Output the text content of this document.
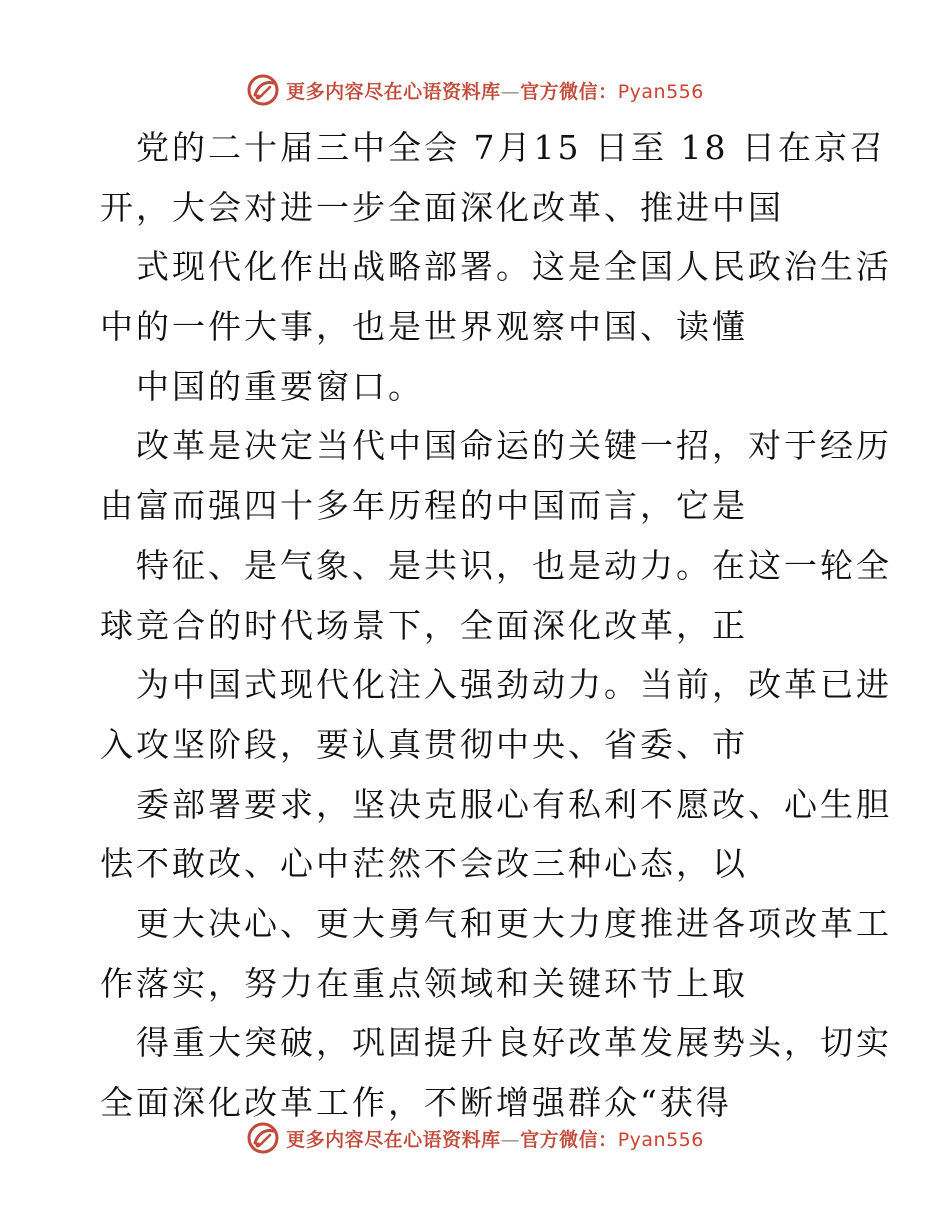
更多内容尽在心语资料库—官方微信：Pyan556
党的二十届三中全会 7月15 日至 18 日在京召
开，大会对进一步全面深化改革、推进中国
式现代化作出战略部署。这是全国人民政治生活
中的一件大事，也是世界观察中国、读懂
中国的重要窗口。
改革是决定当代中国命运的关键一招，对于经历
由富而强四十多年历程的中国而言，它是
特征、是气象、是共识，也是动力。在这一轮全
球竞合的时代场景下，全面深化改革，正
为中国式现代化注入强劲动力。当前，改革已进
入攻坚阶段，要认真贯彻中央、省委、市
委部署要求，坚决克服心有私利不愿改、心生胆
怯不敢改、心中茫然不会改三种心态，以
更大决心、更大勇气和更大力度推进各项改革工
作落实，努力在重点领域和关键环节上取
得重大突破，巩固提升良好改革发展势头，切实
全面深化改革工作，不断增强群众“获得
更多内容尽在心语资料库—官方微信：Pyan556
